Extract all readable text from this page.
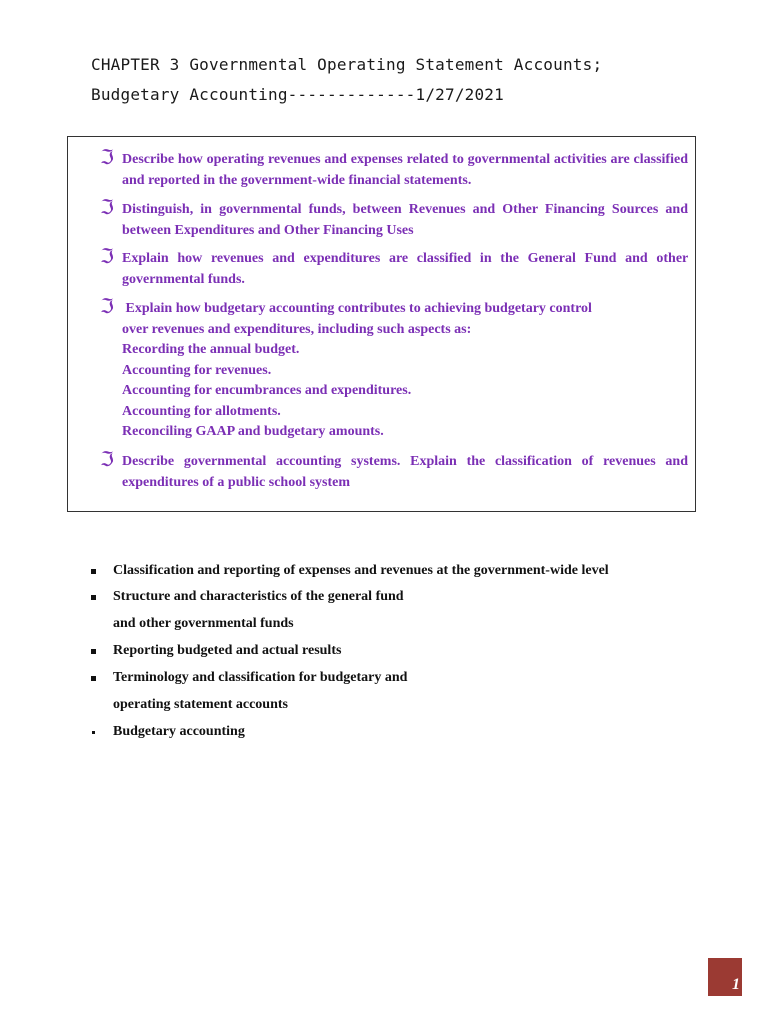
CHAPTER 3 Governmental Operating Statement Accounts;
Budgetary Accounting-------------1/27/2021
ℑ Describe how operating revenues and expenses related to governmental activities are classified and reported in the government-wide financial statements.
ℑ Distinguish, in governmental funds, between Revenues and Other Financing Sources and between Expenditures and Other Financing Uses
ℑ Explain how revenues and expenditures are classified in the General Fund and other governmental funds.
ℑ Explain how budgetary accounting contributes to achieving budgetary control
over revenues and expenditures, including such aspects as:
Recording the annual budget.
Accounting for revenues.
Accounting for encumbrances and expenditures.
Accounting for allotments.
Reconciling GAAP and budgetary amounts.
ℑ Describe governmental accounting systems. Explain the classification of revenues and expenditures of a public school system
Classification and reporting of expenses and revenues at the government-wide level
Structure and characteristics of the general fund
and other governmental funds
Reporting budgeted and actual results
Terminology and classification for budgetary and
operating statement accounts
Budgetary accounting
1
